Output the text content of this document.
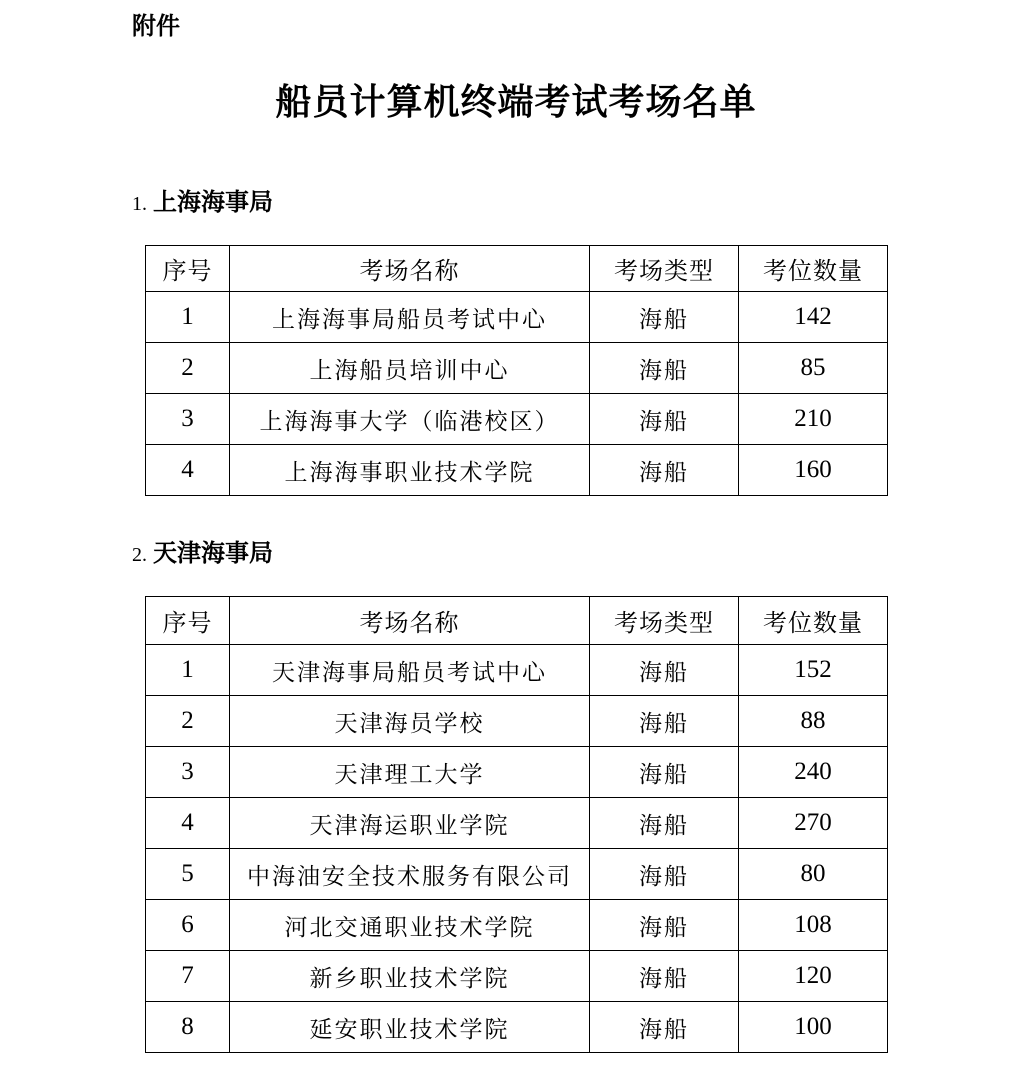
附件
船员计算机终端考试考场名单
1. 上海海事局
序号	考场名称	考场类型	考位数量
1	上海海事局船员考试中心	海船	142
2	上海船员培训中心	海船	85
3	上海海事大学（临港校区）	海船	210
4	上海海事职业技术学院	海船	160
2. 天津海事局
序号	考场名称	考场类型	考位数量
1	天津海事局船员考试中心	海船	152
2	天津海员学校	海船	88
3	天津理工大学	海船	240
4	天津海运职业学院	海船	270
5	中海油安全技术服务有限公司	海船	80
6	河北交通职业技术学院	海船	108
7	新乡职业技术学院	海船	120
8	延安职业技术学院	海船	100
